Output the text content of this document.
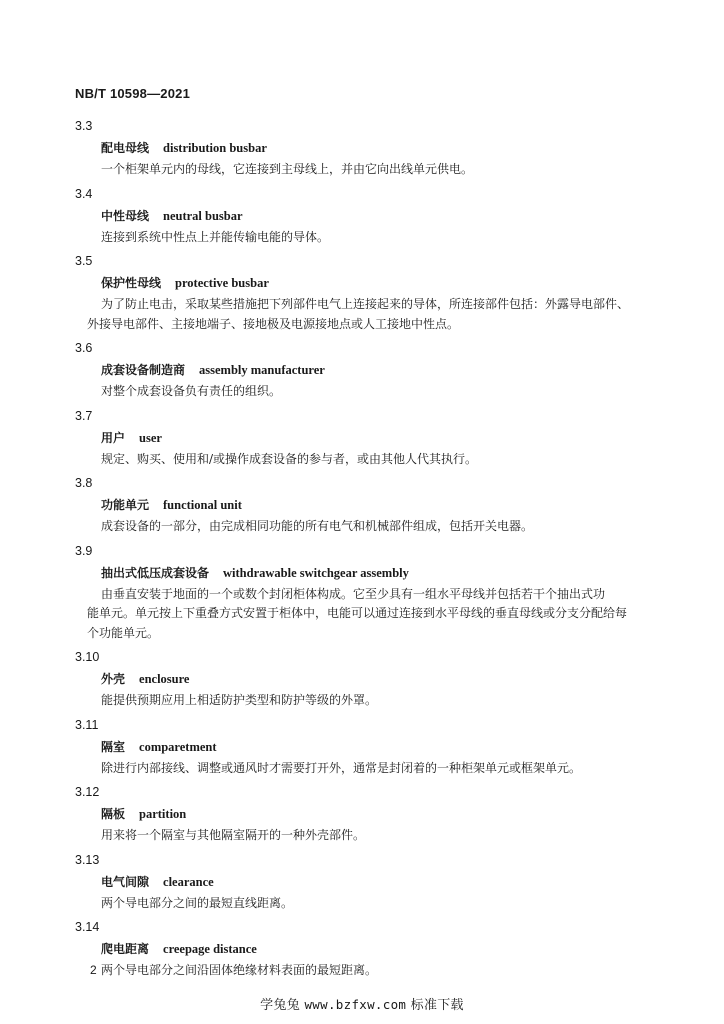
NB/T 10598—2021
3.3
配电母线 distribution busbar
一个柜架单元内的母线，它连接到主母线上，并由它向出线单元供电。
3.4
中性母线 neutral busbar
连接到系统中性点上并能传输电能的导体。
3.5
保护性母线 protective busbar
为了防止电击，采取某些措施把下列部件电气上连接起来的导体，所连接部件包括：外露导电部件、
外接导电部件、主接地端子、接地极及电源接地点或人工接地中性点。
3.6
成套设备制造商 assembly manufacturer
对整个成套设备负有责任的组织。
3.7
用户 user
规定、购买、使用和/或操作成套设备的参与者，或由其他人代其执行。
3.8
功能单元 functional unit
成套设备的一部分，由完成相同功能的所有电气和机械部件组成，包括开关电器。
3.9
抽出式低压成套设备 withdrawable switchgear assembly
由垂直安装于地面的一个或数个封闭柜体构成。它至少具有一组水平母线并包括若干个抽出式功
能单元。单元按上下重叠方式安置于柜体中，电能可以通过连接到水平母线的垂直母线或分支分配给每
个功能单元。
3.10
外壳 enclosure
能提供预期应用上相适防护类型和防护等级的外罩。
3.11
隔室 comparetment
除进行内部接线、调整或通风时才需要打开外，通常是封闭着的一种柜架单元或框架单元。
3.12
隔板 partition
用来将一个隔室与其他隔室隔开的一种外壳部件。
3.13
电气间隙 clearance
两个导电部分之间的最短直线距离。
3.14
爬电距离 creepage distance
两个导电部分之间沿固体绝缘材料表面的最短距离。
2
学兔兔 www.bzfxw.com 标准下载
